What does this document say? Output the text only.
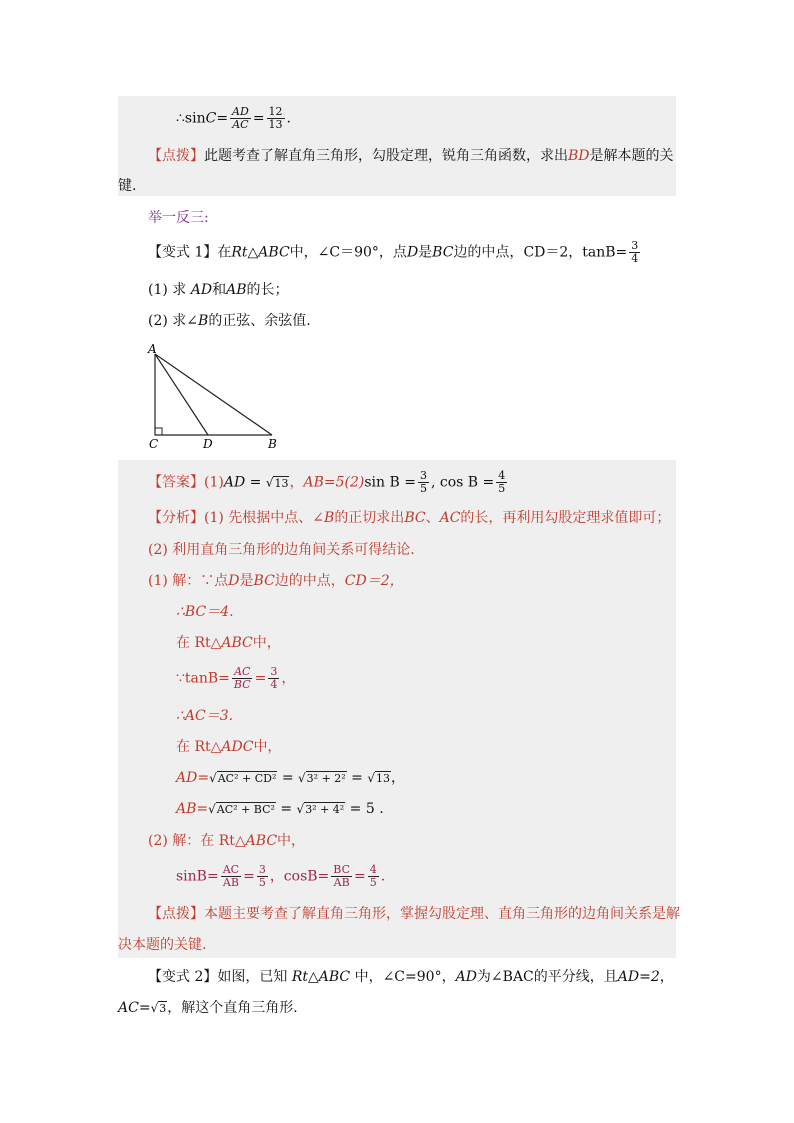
∴sinC= $\frac{AD}{AC} = \frac{12}{13}$ .
【点拨】此题考查了解直角三角形，勾股定理，锐角三角函数，求出BD是解本题的关
键.
举一反三:
【变式 1】在Rt△ABC中，∠C＝90°，点D是BC边的中点，CD＝2，$\tan B= \frac{3}{4}$
(1) 求 AD和AB的长；
(2) 求∠B的正弦、余弦值.
A
C	D	B
【答案】(1)AD = √13，AB=5(2)sin $B = \frac{3}{5}$ , $\cos B = \frac{4}{5}$
【分析】(1) 先根据中点、∠B的正切求出BC、AC的长，再利用勾股定理求值即可；
(2) 利用直角三角形的边角间关系可得结论.
(1) 解：∵点D是BC边的中点，CD＝2，
∴BC＝4.
在 Rt△ABC中，
∵tanB= $\frac{AC}{BC} = \frac{3}{4}$ ，
∴AC＝3.
在 Rt△ADC中，
AD=√AC² + CD² = √3² + 2² = √13，
AB=√AC² + BC² = √3² + 4² = 5 .
(2) 解：在 Rt△ABC中，
$\sin B= \frac{AC}{AB} = \frac{3}{5}$ ，$\cos B= \frac{BC}{AB} = \frac{4}{5}$ .
【点拨】本题主要考查了解直角三角形，掌握勾股定理、直角三角形的边角间关系是解
决本题的关键.
【变式 2】如图，已知 Rt△ABC 中，∠C=90°，AD为∠BAC的平分线，且AD=2，
AC=√3，解这个直角三角形.
